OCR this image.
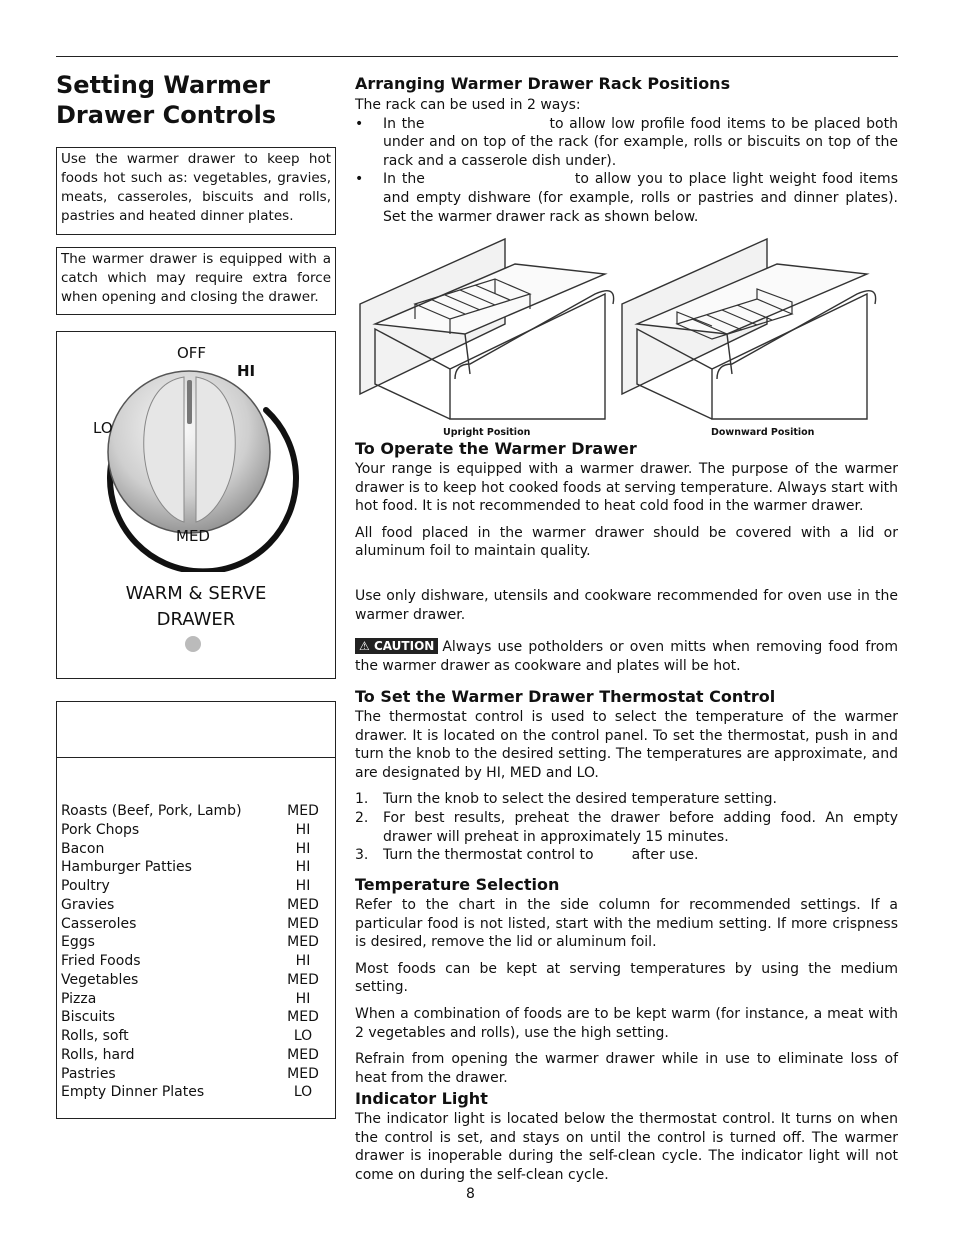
Setting Warmer Drawer Controls
Use the warmer drawer to keep hot foods hot such as: vegetables, gravies, meats, casseroles, biscuits and rolls, pastries and heated dinner plates.
The warmer drawer is equipped with a catch which may require extra force when opening and closing the drawer.
OFF
HI
LO
MED
WARM & SERVE
DRAWER
Roasts (Beef, Pork, Lamb)	MED
Pork Chops	HI
Bacon	HI
Hamburger Patties	HI
Poultry	HI
Gravies	MED
Casseroles	MED
Eggs	MED
Fried Foods	HI
Vegetables	MED
Pizza	HI
Biscuits	MED
Rolls, soft	LO
Rolls, hard	MED
Pastries	MED
Empty Dinner Plates	LO
Arranging Warmer Drawer Rack Positions

The rack can be used in 2 ways:

•	In the	to allow low profile food items to be placed both under and on top of the rack (for example, rolls or biscuits on top of the rack and a casserole dish under).
•	In the	to allow you to place light weight food items and empty dishware (for example, rolls or pastries and dinner plates). Set the warmer drawer rack as shown below.
Upright Position	Downward Position
To Operate the Warmer Drawer

Your range is equipped with a warmer drawer. The purpose of the warmer drawer is to keep hot cooked foods at serving temperature. Always start with hot food. It is not recommended to heat cold food in the warmer drawer.

All food placed in the warmer drawer should be covered with a lid or aluminum foil to maintain quality.

Use only dishware, utensils and cookware recommended for oven use in the warmer drawer.

⚠ CAUTION Always use potholders or oven mitts when removing food from the warmer drawer as cookware and plates will be hot.

To Set the Warmer Drawer Thermostat Control

The thermostat control is used to select the temperature of the warmer drawer. It is located on the control panel. To set the thermostat, push in and turn the knob to the desired setting. The temperatures are approximate, and are designated by HI, MED and LO.

1.	Turn the knob to select the desired temperature setting.
2.	For best results, preheat the drawer before adding food. An empty drawer will preheat in approximately 15 minutes.
3.	Turn the thermostat control to	after use.
Temperature Selection

Refer to the chart in the side column for recommended settings. If a particular food is not listed, start with the medium setting. If more crispness is desired, remove the lid or aluminum foil.

Most foods can be kept at serving temperatures by using the medium setting.

When a combination of foods are to be kept warm (for instance, a meat with 2 vegetables and rolls), use the high setting.

Refrain from opening the warmer drawer while in use to eliminate loss of heat from the drawer.

Indicator Light

The indicator light is located below the thermostat control. It turns on when the control is set, and stays on until the control is turned off. The warmer drawer is inoperable during the self-clean cycle. The indicator light will not come on during the self-clean cycle.

8
